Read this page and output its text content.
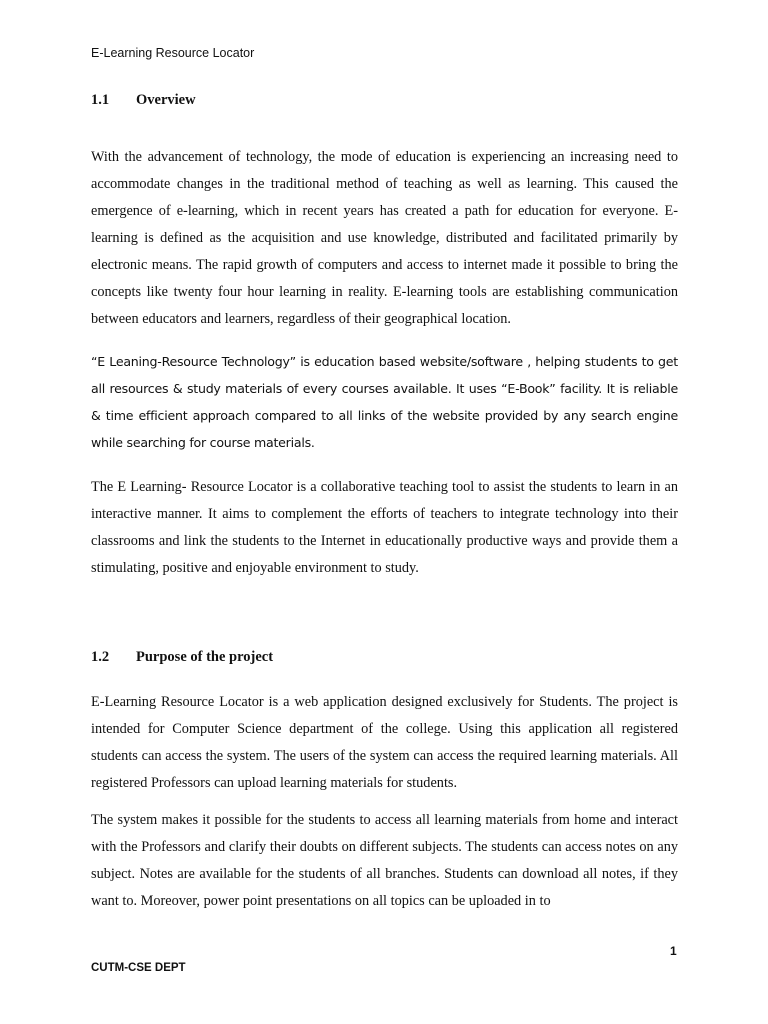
E-Learning Resource Locator
1.1 Overview

With the advancement of technology, the mode of education is experiencing an increasing need to accommodate changes in the traditional method of teaching as well as learning. This caused the emergence of e-learning, which in recent years has created a path for education for everyone. E-learning is defined as the acquisition and use knowledge, distributed and facilitated primarily by electronic means. The rapid growth of computers and access to internet made it possible to bring the concepts like twenty four hour learning in reality. E-learning tools are establishing communication between educators and learners, regardless of their geographical location.

“E Leaning-Resource Technology” is education based website/software , helping students to get all resources & study materials of every courses available. It uses “E-Book” facility. It is reliable & time efficient approach compared to all links of the website provided by any search engine while searching for course materials.

The E Learning- Resource Locator is a collaborative teaching tool to assist the students to learn in an interactive manner. It aims to complement the efforts of teachers to integrate technology into their classrooms and link the students to the Internet in educationally productive ways and provide them a stimulating, positive and enjoyable environment to study.

1.2 Purpose of the project

E-Learning Resource Locator is a web application designed exclusively for Students. The project is intended for Computer Science department of the college. Using this application all registered students can access the system. The users of the system can access the required learning materials. All registered Professors can upload learning materials for students.

The system makes it possible for the students to access all learning materials from home and interact with the Professors and clarify their doubts on different subjects. The students can access notes on any subject. Notes are available for the students of all branches. Students can download all notes, if they want to. Moreover, power point presentations on all topics can be uploaded in to

1
CUTM-CSE DEPT
